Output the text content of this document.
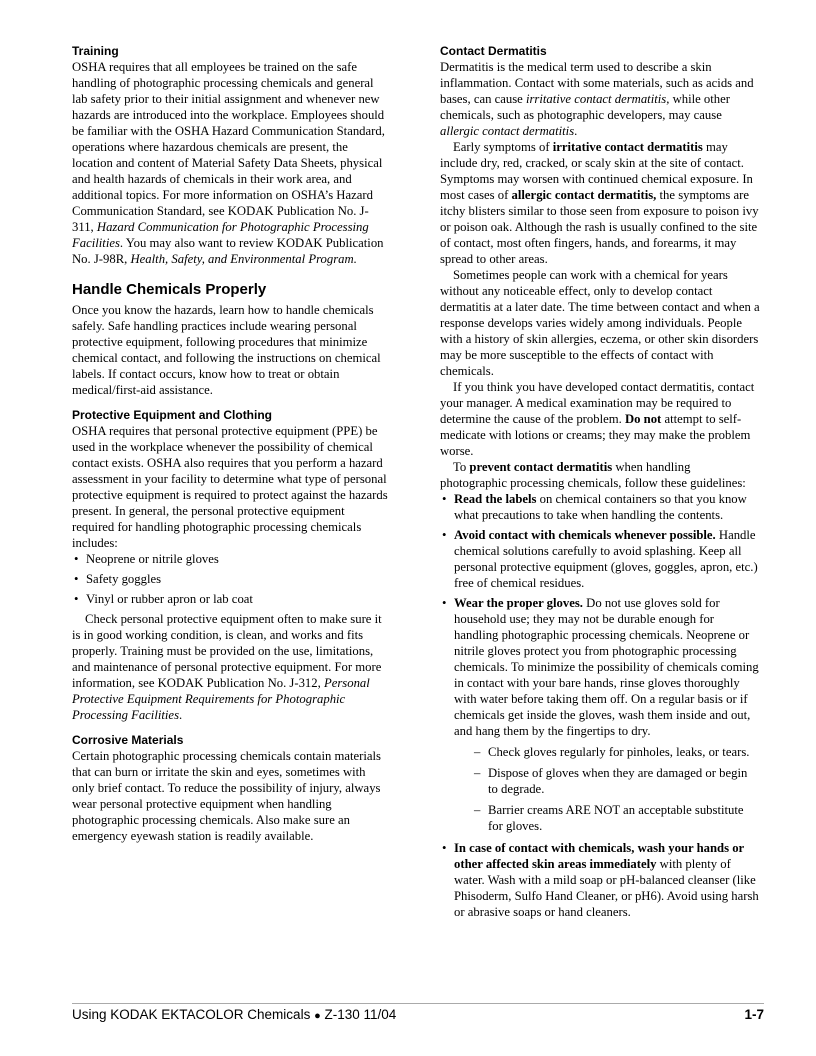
Training

OSHA requires that all employees be trained on the safe handling of photographic processing chemicals and general lab safety prior to their initial assignment and whenever new hazards are introduced into the workplace. Employees should be familiar with the OSHA Hazard Communication Standard, operations where hazardous chemicals are present, the location and content of Material Safety Data Sheets, physical and health hazards of chemicals in their work area, and additional topics. For more information on OSHA’s Hazard Communication Standard, see KODAK Publication No. J-311, Hazard Communication for Photographic Processing Facilities. You may also want to review KODAK Publication No. J-98R, Health, Safety, and Environmental Program.

Handle Chemicals Properly

Once you know the hazards, learn how to handle chemicals safely. Safe handling practices include wearing personal protective equipment, following procedures that minimize chemical contact, and following the instructions on chemical labels. If contact occurs, know how to treat or obtain medical/first-aid assistance.

Protective Equipment and Clothing

OSHA requires that personal protective equipment (PPE) be used in the workplace whenever the possibility of chemical contact exists. OSHA also requires that you perform a hazard assessment in your facility to determine what type of personal protective equipment is required to protect against the hazards present. In general, the personal protective equipment required for handling photographic processing chemicals includes:

• Neoprene or nitrile gloves
• Safety goggles
• Vinyl or rubber apron or lab coat

Check personal protective equipment often to make sure it is in good working condition, is clean, and works and fits properly. Training must be provided on the use, limitations, and maintenance of personal protective equipment. For more information, see KODAK Publication No. J-312, Personal Protective Equipment Requirements for Photographic Processing Facilities.

Corrosive Materials

Certain photographic processing chemicals contain materials that can burn or irritate the skin and eyes, sometimes with only brief contact. To reduce the possibility of injury, always wear personal protective equipment when handling photographic processing chemicals. Also make sure an emergency eyewash station is readily available.

Contact Dermatitis

Dermatitis is the medical term used to describe a skin inflammation. Contact with some materials, such as acids and bases, can cause irritative contact dermatitis, while other chemicals, such as photographic developers, may cause allergic contact dermatitis.

Early symptoms of irritative contact dermatitis may include dry, red, cracked, or scaly skin at the site of contact. Symptoms may worsen with continued chemical exposure. In most cases of allergic contact dermatitis, the symptoms are itchy blisters similar to those seen from exposure to poison ivy or poison oak. Although the rash is usually confined to the site of contact, most often fingers, hands, and forearms, it may spread to other areas.

Sometimes people can work with a chemical for years without any noticeable effect, only to develop contact dermatitis at a later date. The time between contact and when a response develops varies widely among individuals. People with a history of skin allergies, eczema, or other skin disorders may be more susceptible to the effects of contact with chemicals.

If you think you have developed contact dermatitis, contact your manager. A medical examination may be required to determine the cause of the problem. Do not attempt to self-medicate with lotions or creams; they may make the problem worse.

To prevent contact dermatitis when handling photographic processing chemicals, follow these guidelines:

• Read the labels on chemical containers so that you know what precautions to take when handling the contents.
• Avoid contact with chemicals whenever possible. Handle chemical solutions carefully to avoid splashing. Keep all personal protective equipment (gloves, goggles, apron, etc.) free of chemical residues.
• Wear the proper gloves. Do not use gloves sold for household use; they may not be durable enough for handling photographic processing chemicals. Neoprene or nitrile gloves protect you from photographic processing chemicals. To minimize the possibility of chemicals coming in contact with your bare hands, rinse gloves thoroughly with water before taking them off. On a regular basis or if chemicals get inside the gloves, wash them inside and out, and hang them by the fingertips to dry.
– Check gloves regularly for pinholes, leaks, or tears.
– Dispose of gloves when they are damaged or begin to degrade.
– Barrier creams ARE NOT an acceptable substitute for gloves.
• In case of contact with chemicals, wash your hands or other affected skin areas immediately with plenty of water. Wash with a mild soap or pH-balanced cleanser (like Phisoderm, Sulfo Hand Cleaner, or pH6). Avoid using harsh or abrasive soaps or hand cleaners.
Using KODAK EKTACOLOR Chemicals ● Z-130 11/04	1-7
